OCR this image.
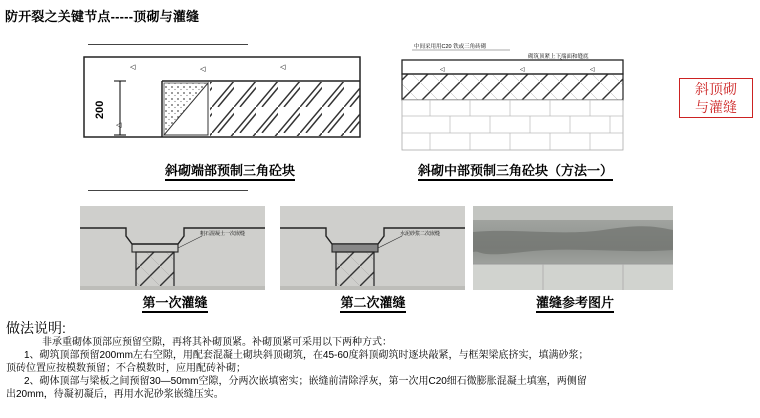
防开裂之关键节点-----顶砌与灌缝
◁	◁	◁
◁
200
斜砌端部预制三角砼块
◁	◁	◁
中间采用用C20 铁或三角砖砌
砌筑顶紧上下端面和缝底
斜砌中部预制三角砼块（方法一）
斜顶砌
与灌缝
粗石混凝土一次嵌缝
第一次灌缝
水泥砂浆二次嵌缝
第二次灌缝	灌缝参考图片
做法说明:
非承重砌体顶部应预留空隙，再将其补砌顶紧。补砌顶紧可采用以下两种方式：
1、砌筑顶部预留200mm左右空隙，用配套混凝土砌块斜顶砌筑，在45-60度斜顶砌筑时逐块敲紧，与框架梁底挤实，填满砂浆；
顶砖位置应按模数预留；不合模数时，应用配砖补砌；
2、砌体顶部与梁板之间预留30—50mm空隙，分两次嵌填密实；嵌缝前清除浮灰，第一次用C20细石微膨胀混凝土填塞，两侧留
出20mm，待凝初凝后，再用水泥砂浆嵌缝压实。
